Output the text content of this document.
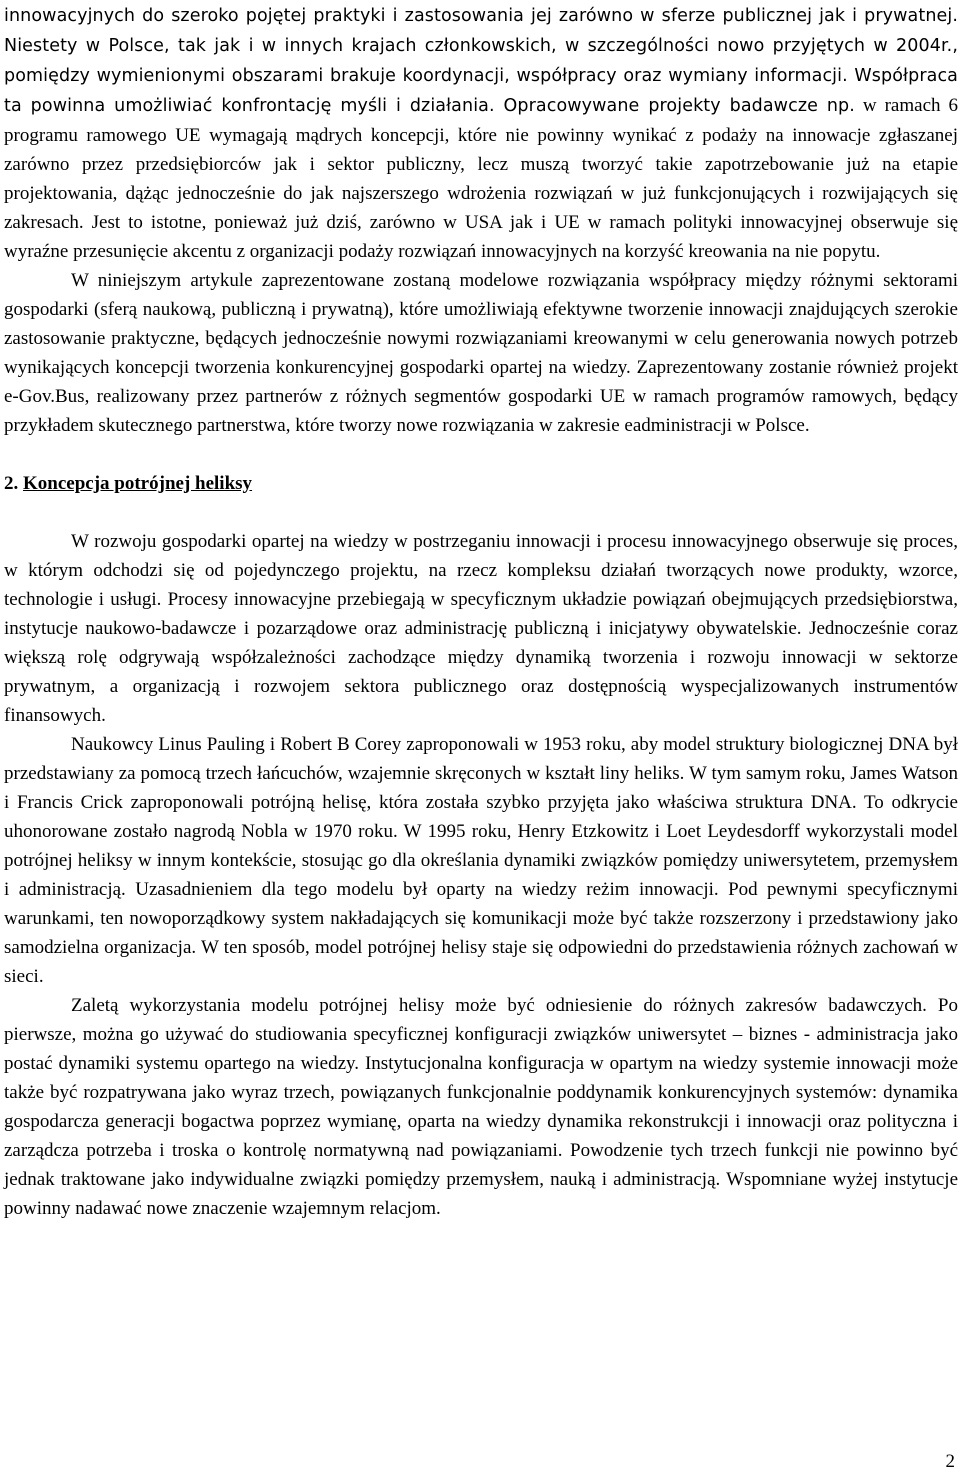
innowacyjnych do szeroko pojętej praktyki i zastosowania jej zarówno w sferze publicznej jak i prywatnej. Niestety w Polsce, tak jak i w innych krajach członkowskich, w szczególności nowo przyjętych w 2004r., pomiędzy wymienionymi obszarami brakuje koordynacji, współpracy oraz wymiany informacji. Współpraca ta powinna umożliwiać konfrontację myśli i działania. Opracowywane projekty badawcze np. w ramach 6 programu ramowego UE wymagają mądrych koncepcji, które nie powinny wynikać z podaży na innowacje zgłaszanej zarówno przez przedsiębiorców jak i sektor publiczny, lecz muszą tworzyć takie zapotrzebowanie już na etapie projektowania, dążąc jednocześnie do jak najszerszego wdrożenia rozwiązań w już funkcjonujących i rozwijających się zakresach. Jest to istotne, ponieważ już dziś, zarówno w USA jak i UE w ramach polityki innowacyjnej obserwuje się wyraźne przesunięcie akcentu z organizacji podaży rozwiązań innowacyjnych na korzyść kreowania na nie popytu.

W niniejszym artykule zaprezentowane zostaną modelowe rozwiązania współpracy między różnymi sektorami gospodarki (sferą naukową, publiczną i prywatną), które umożliwiają efektywne tworzenie innowacji znajdujących szerokie zastosowanie praktyczne, będących jednocześnie nowymi rozwiązaniami kreowanymi w celu generowania nowych potrzeb wynikających koncepcji tworzenia konkurencyjnej gospodarki opartej na wiedzy. Zaprezentowany zostanie również projekt e-Gov.Bus, realizowany przez partnerów z różnych segmentów gospodarki UE w ramach programów ramowych, będący przykładem skutecznego partnerstwa, które tworzy nowe rozwiązania w zakresie eadministracji w Polsce.

2. Koncepcja potrójnej heliksy

W rozwoju gospodarki opartej na wiedzy w postrzeganiu innowacji i procesu innowacyjnego obserwuje się proces, w którym odchodzi się od pojedynczego projektu, na rzecz kompleksu działań tworzących nowe produkty, wzorce, technologie i usługi. Procesy innowacyjne przebiegają w specyficznym układzie powiązań obejmujących przedsiębiorstwa, instytucje naukowo-badawcze i pozarządowe oraz administrację publiczną i inicjatywy obywatelskie. Jednocześnie coraz większą rolę odgrywają współzależności zachodzące między dynamiką tworzenia i rozwoju innowacji w sektorze prywatnym, a organizacją i rozwojem sektora publicznego oraz dostępnością wyspecjalizowanych instrumentów finansowych.

Naukowcy Linus Pauling i Robert B Corey zaproponowali w 1953 roku, aby model struktury biologicznej DNA był przedstawiany za pomocą trzech łańcuchów, wzajemnie skręconych w kształt liny heliks. W tym samym roku, James Watson i Francis Crick zaproponowali potrójną helisę, która została szybko przyjęta jako właściwa struktura DNA. To odkrycie uhonorowane zostało nagrodą Nobla w 1970 roku. W 1995 roku, Henry Etzkowitz i Loet Leydesdorff wykorzystali model potrójnej heliksy w innym kontekście, stosując go dla określania dynamiki związków pomiędzy uniwersytetem, przemysłem i administracją. Uzasadnieniem dla tego modelu był oparty na wiedzy reżim innowacji. Pod pewnymi specyficznymi warunkami, ten nowoporządkowy system nakładających się komunikacji może być także rozszerzony i przedstawiony jako samodzielna organizacja. W ten sposób, model potrójnej helisy staje się odpowiedni do przedstawienia różnych zachowań w sieci.

Zaletą wykorzystania modelu potrójnej helisy może być odniesienie do różnych zakresów badawczych. Po pierwsze, można go używać do studiowania specyficznej konfiguracji związków uniwersytet – biznes - administracja jako postać dynamiki systemu opartego na wiedzy. Instytucjonalna konfiguracja w opartym na wiedzy systemie innowacji może także być rozpatrywana jako wyraz trzech, powiązanych funkcjonalnie poddynamik konkurencyjnych systemów: dynamika gospodarcza generacji bogactwa poprzez wymianę, oparta na wiedzy dynamika rekonstrukcji i innowacji oraz polityczna i zarządcza potrzeba i troska o kontrolę normatywną nad powiązaniami. Powodzenie tych trzech funkcji nie powinno być jednak traktowane jako indywidualne związki pomiędzy przemysłem, nauką i administracją. Wspomniane wyżej instytucje powinny nadawać nowe znaczenie wzajemnym relacjom.

2
